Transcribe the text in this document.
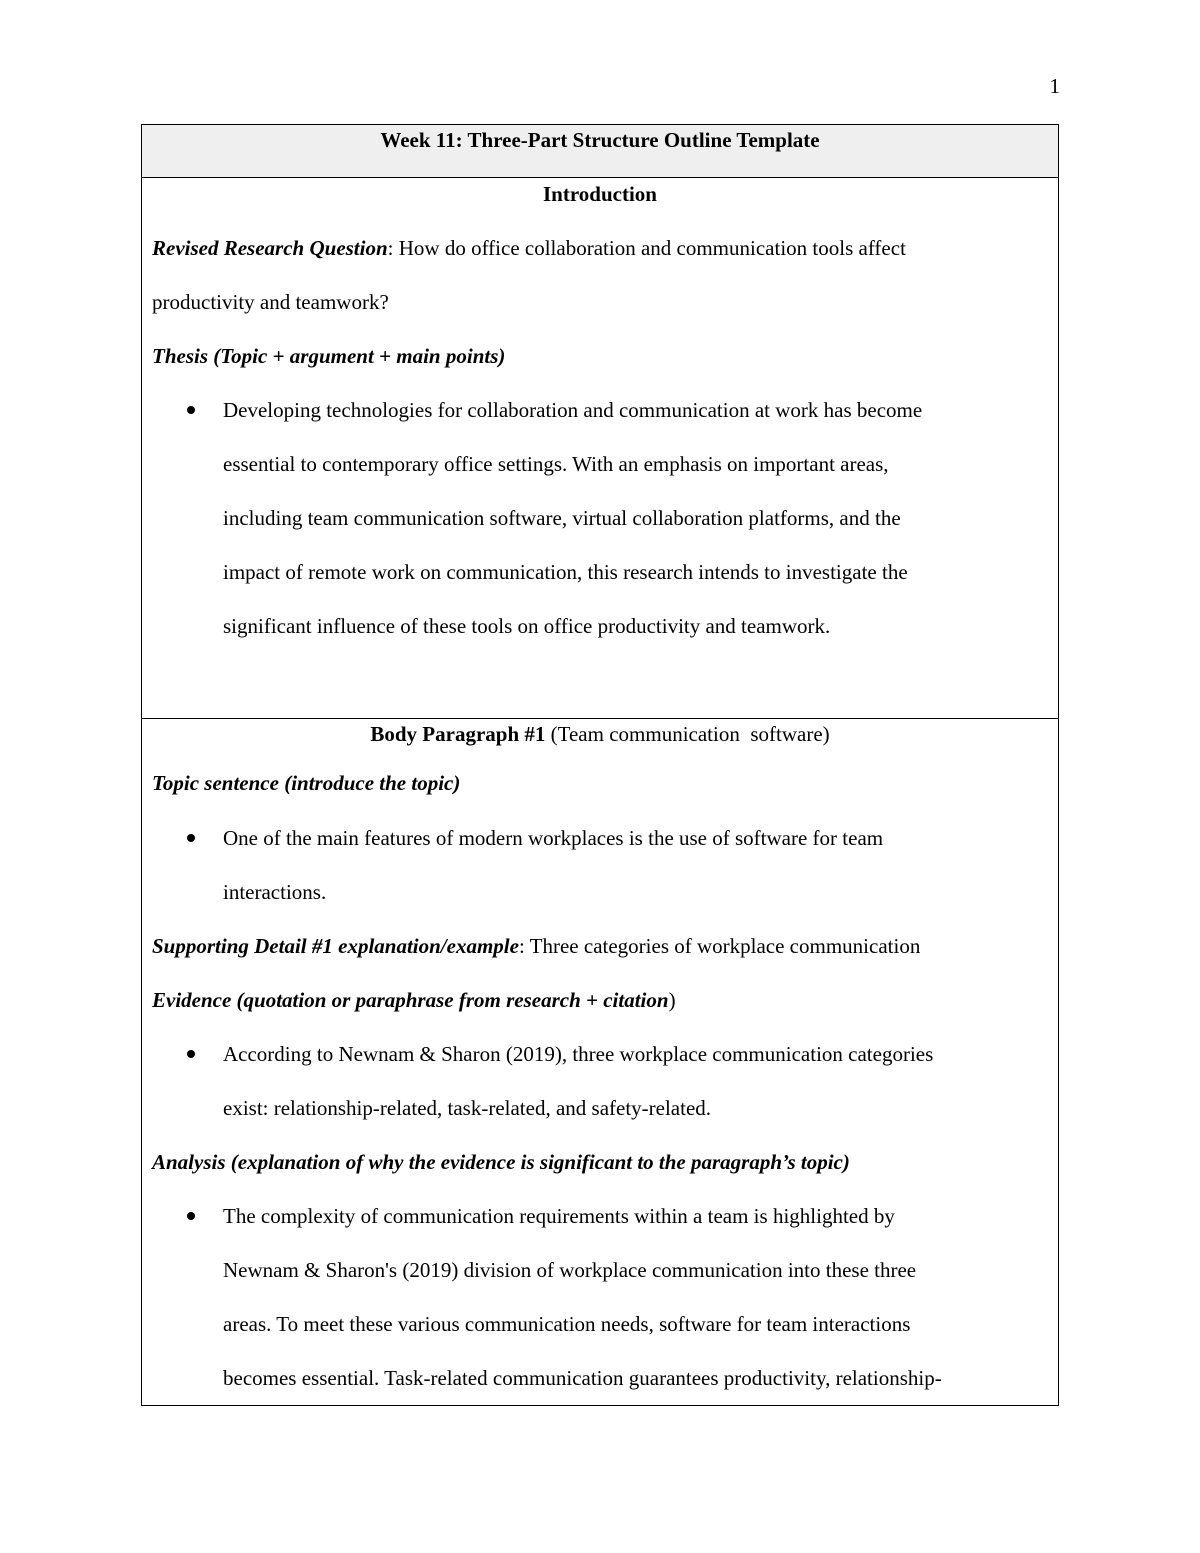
1
Week 11: Three-Part Structure Outline Template

Introduction
Revised Research Question: How do office collaboration and communication tools affect
productivity and teamwork?
Thesis (Topic + argument + main points)
Developing technologies for collaboration and communication at work has become
essential to contemporary office settings. With an emphasis on important areas,
including team communication software, virtual collaboration platforms, and the
impact of remote work on communication, this research intends to investigate the
significant influence of these tools on office productivity and teamwork.

Body Paragraph #1 (Team communication  software)
Topic sentence (introduce the topic)
One of the main features of modern workplaces is the use of software for team
interactions.
Supporting Detail #1 explanation/example: Three categories of workplace communication
Evidence (quotation or paraphrase from research + citation)
According to Newnam & Sharon (2019), three workplace communication categories
exist: relationship-related, task-related, and safety-related.
Analysis (explanation of why the evidence is significant to the paragraph’s topic)
The complexity of communication requirements within a team is highlighted by
Newnam & Sharon's (2019) division of workplace communication into these three
areas. To meet these various communication needs, software for team interactions
becomes essential. Task-related communication guarantees productivity, relationship-
